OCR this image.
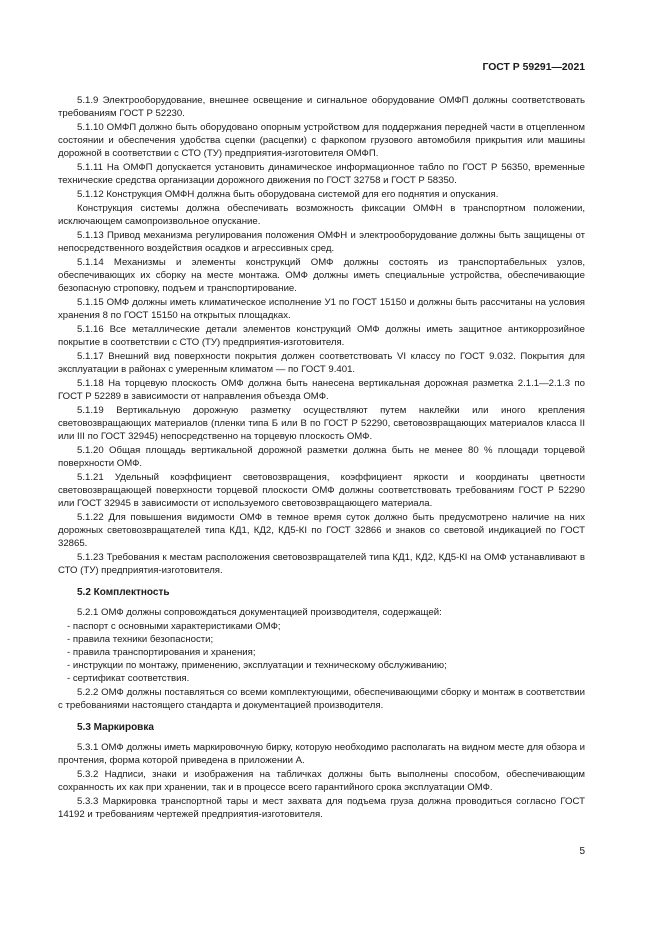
ГОСТ Р 59291—2021

5.1.9 Электрооборудование, внешнее освещение и сигнальное оборудование ОМФП должны соответствовать требованиям ГОСТ Р 52230.

5.1.10 ОМФП должно быть оборудовано опорным устройством для поддержания передней части в отцепленном состоянии и обеспечения удобства сцепки (расцепки) с фаркопом грузового автомобиля прикрытия или машины дорожной в соответствии с СТО (ТУ) предприятия-изготовителя ОМФП.

5.1.11 На ОМФП допускается установить динамическое информационное табло по ГОСТ Р 56350, временные технические средства организации дорожного движения по ГОСТ 32758 и ГОСТ Р 58350.

5.1.12 Конструкция ОМФН должна быть оборудована системой для его поднятия и опускания.

Конструкция системы должна обеспечивать возможность фиксации ОМФН в транспортном положении, исключающем самопроизвольное опускание.

5.1.13 Привод механизма регулирования положения ОМФН и электрооборудование должны быть защищены от непосредственного воздействия осадков и агрессивных сред.

5.1.14 Механизмы и элементы конструкций ОМФ должны состоять из транспортабельных узлов, обеспечивающих их сборку на месте монтажа. ОМФ должны иметь специальные устройства, обеспечивающие безопасную строповку, подъем и транспортирование.

5.1.15 ОМФ должны иметь климатическое исполнение У1 по ГОСТ 15150 и должны быть рассчитаны на условия хранения 8 по ГОСТ 15150 на открытых площадках.

5.1.16 Все металлические детали элементов конструкций ОМФ должны иметь защитное антикоррозийное покрытие в соответствии с СТО (ТУ) предприятия-изготовителя.

5.1.17 Внешний вид поверхности покрытия должен соответствовать VI классу по ГОСТ 9.032. Покрытия для эксплуатации в районах с умеренным климатом — по ГОСТ 9.401.

5.1.18 На торцевую плоскость ОМФ должна быть нанесена вертикальная дорожная разметка 2.1.1—2.1.3 по ГОСТ Р 52289 в зависимости от направления объезда ОМФ.

5.1.19 Вертикальную дорожную разметку осуществляют путем наклейки или иного крепления световозвращающих материалов (пленки типа Б или В по ГОСТ Р 52290, световозвращающих материалов класса II или III по ГОСТ 32945) непосредственно на торцевую плоскость ОМФ.

5.1.20 Общая площадь вертикальной дорожной разметки должна быть не менее 80 % площади торцевой поверхности ОМФ.

5.1.21 Удельный коэффициент световозвращения, коэффициент яркости и координаты цветности световозвращающей поверхности торцевой плоскости ОМФ должны соответствовать требованиям ГОСТ Р 52290 или ГОСТ 32945 в зависимости от используемого световозвращающего материала.

5.1.22 Для повышения видимости ОМФ в темное время суток должно быть предусмотрено наличие на них дорожных световозвращателей типа КД1, КД2, КД5-КІ по ГОСТ 32866 и знаков со световой индикацией по ГОСТ 32865.

5.1.23 Требования к местам расположения световозвращателей типа КД1, КД2, КД5-КІ на ОМФ устанавливают в СТО (ТУ) предприятия-изготовителя.

5.2 Комплектность

5.2.1 ОМФ должны сопровождаться документацией производителя, содержащей:

- паспорт с основными характеристиками ОМФ;
- правила техники безопасности;
- правила транспортирования и хранения;
- инструкции по монтажу, применению, эксплуатации и техническому обслуживанию;
- сертификат соответствия.

5.2.2 ОМФ должны поставляться со всеми комплектующими, обеспечивающими сборку и монтаж в соответствии с требованиями настоящего стандарта и документацией производителя.

5.3 Маркировка

5.3.1 ОМФ должны иметь маркировочную бирку, которую необходимо располагать на видном месте для обзора и прочтения, форма которой приведена в приложении А.

5.3.2 Надписи, знаки и изображения на табличках должны быть выполнены способом, обеспечивающим сохранность их как при хранении, так и в процессе всего гарантийного срока эксплуатации ОМФ.

5.3.3 Маркировка транспортной тары и мест захвата для подъема груза должна проводиться согласно ГОСТ 14192 и требованиям чертежей предприятия-изготовителя.

5
